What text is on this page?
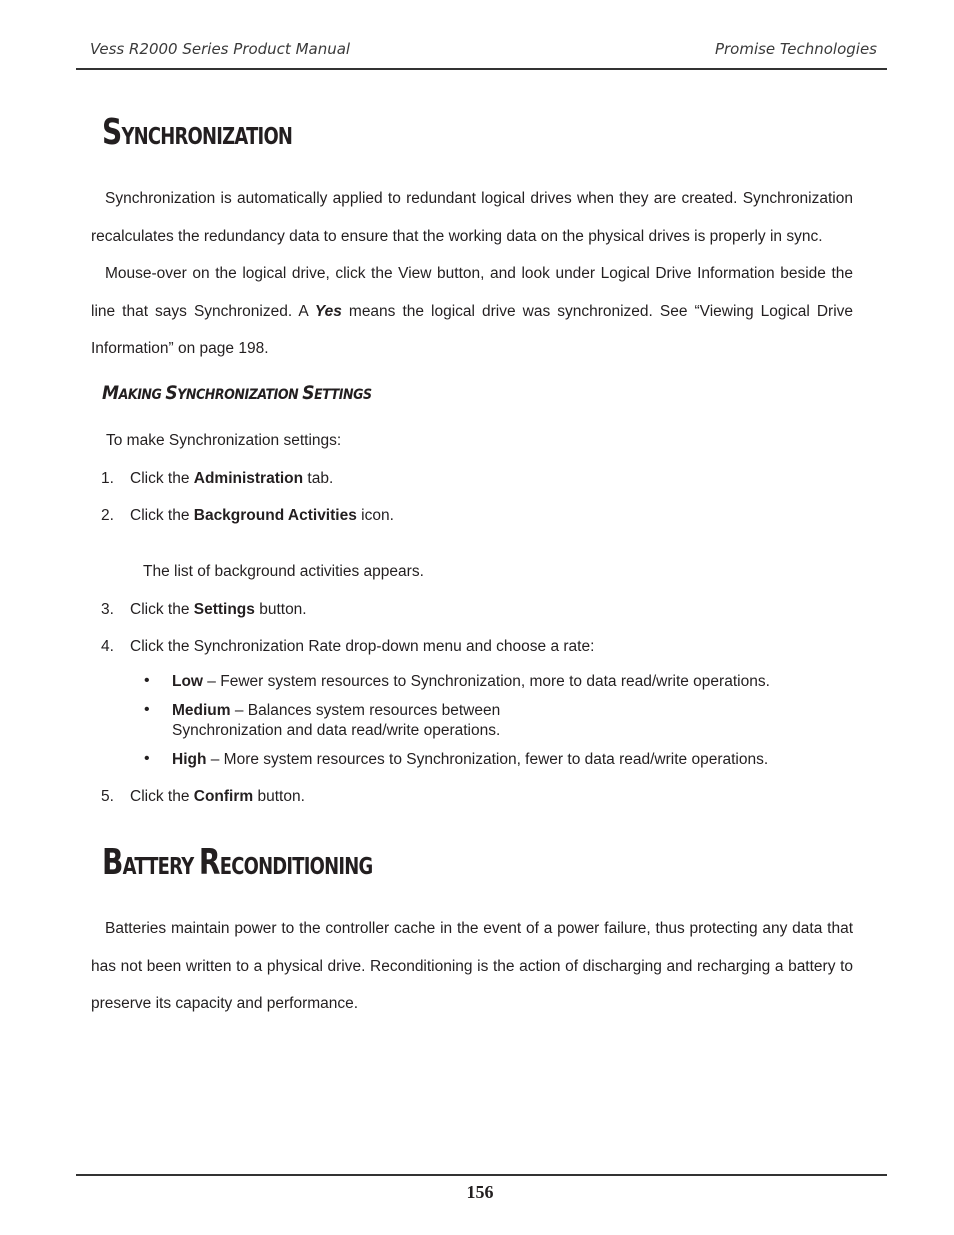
Vess R2000 Series Product Manual	Promise Technologies
SYNCHRONIZATION
Synchronization is automatically applied to redundant logical drives when they are created. Synchronization recalculates the redundancy data to ensure that the working data on the physical drives is properly in sync.
Mouse-over on the logical drive, click the View button, and look under Logical Drive Information beside the line that says Synchronized. A Yes means the logical drive was synchronized. See “Viewing Logical Drive Information” on page 198.
MAKING SYNCHRONIZATION SETTINGS
To make Synchronization settings:
1. Click the Administration tab.
2. Click the Background Activities icon.
The list of background activities appears.
3. Click the Settings button.
4. Click the Synchronization Rate drop-down menu and choose a rate:
• Low – Fewer system resources to Synchronization, more to data read/write operations.
• Medium – Balances system resources between
Synchronization and data read/write operations.
• High – More system resources to Synchronization, fewer to data read/write operations.
5. Click the Confirm button.
BATTERY RECONDITIONING
Batteries maintain power to the controller cache in the event of a power failure, thus protecting any data that has not been written to a physical drive. Reconditioning is the action of discharging and recharging a battery to preserve its capacity and performance.
156
